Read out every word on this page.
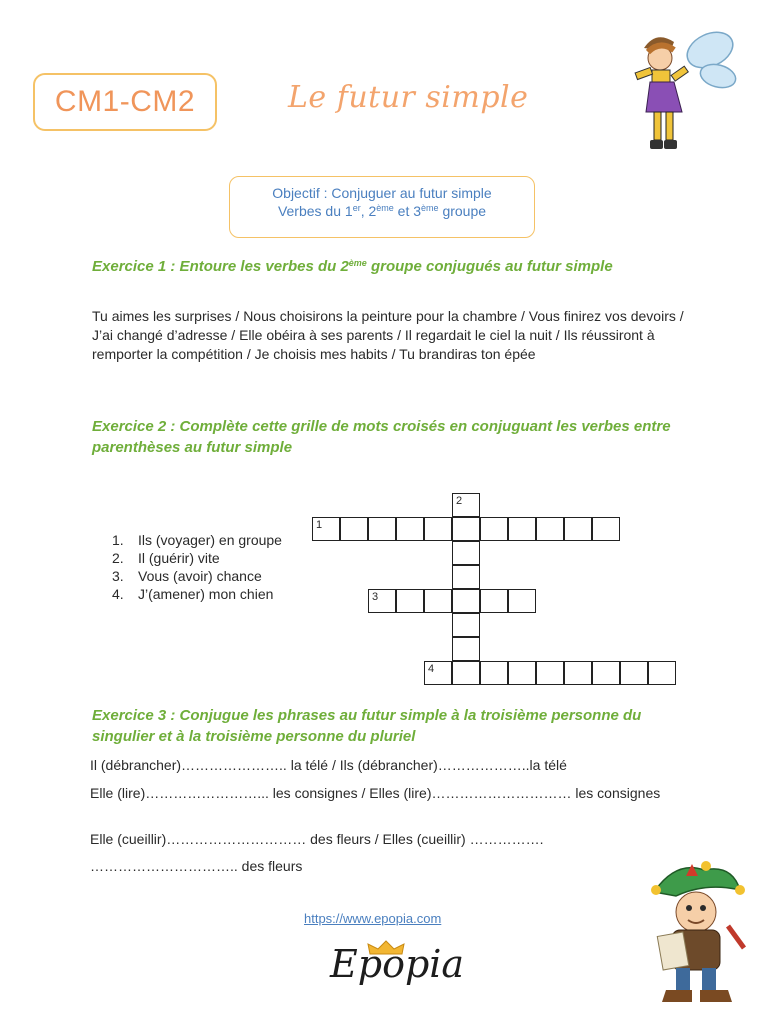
CM1-CM2	Le futur simple
Objectif : Conjuguer au futur simple
Verbes du 1er, 2ème et 3ème groupe
Exercice 1 : Entoure les verbes du 2ème groupe conjugués au futur simple
Tu aimes les surprises / Nous choisirons la peinture pour la chambre / Vous finirez vos devoirs / J’ai changé d’adresse / Elle obéira à ses parents / Il regardait le ciel la nuit / Ils réussiront à remporter la compétition / Je choisis mes habits / Tu brandiras ton épée
Exercice 2 : Complète cette grille de mots croisés en conjuguant les verbes entre parenthèses au futur simple
1.	Ils (voyager) en groupe
2.	Il (guérir) vite
3.	Vous (avoir) chance
4.	J’(amener) mon chien
2
1
3
4
Exercice 3 : Conjugue les phrases au futur simple à la troisième personne du singulier et à la troisième personne du pluriel
Il (débrancher)………………….. la télé / Ils (débrancher)………………..la télé
Elle (lire)……………………... les consignes / Elles (lire)………………………… les consignes
Elle (cueillir)………………………… des fleurs / Elles (cueillir) …………….
………………………….. des fleurs
https://www.epopia.com
Epopia
